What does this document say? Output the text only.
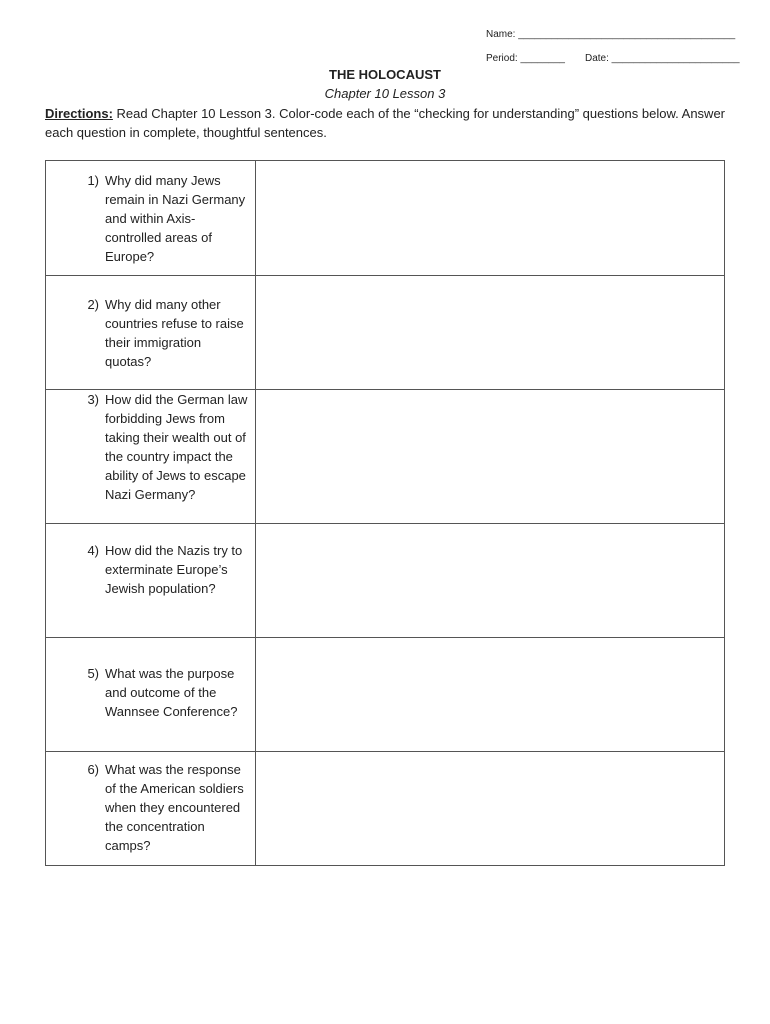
Name: _______________________________________
Period: ________ Date: _______________________
THE HOLOCAUST
Chapter 10 Lesson 3
Directions: Read Chapter 10 Lesson 3. Color-code each of the “checking for understanding” questions below. Answer each question in complete, thoughtful sentences.
1) Why did many Jews remain in Nazi Germany and within Axis-controlled areas of Europe?	

2) Why did many other countries refuse to raise their immigration quotas?	

3) How did the German law forbidding Jews from taking their wealth out of the country impact the ability of Jews to escape Nazi Germany?	

4) How did the Nazis try to exterminate Europe’s Jewish population?	

5) What was the purpose and outcome of the Wannsee Conference?	

6) What was the response of the American soldiers when they encountered the concentration camps?	
